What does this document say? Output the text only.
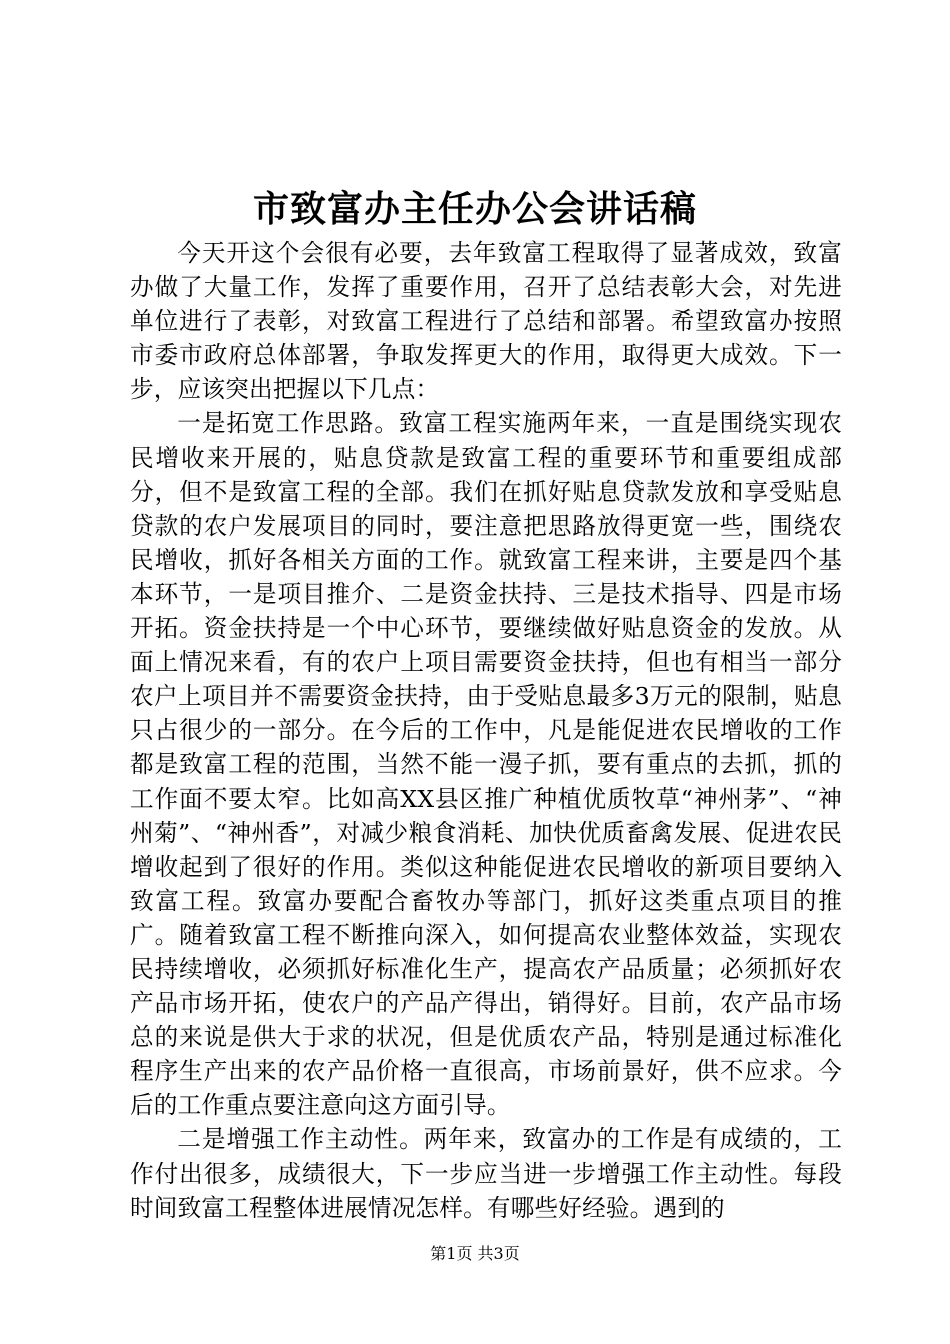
市致富办主任办公会讲话稿

今天开这个会很有必要，去年致富工程取得了显著成效，致富办做了大量工作，发挥了重要作用，召开了总结表彰大会，对先进单位进行了表彰，对致富工程进行了总结和部署。希望致富办按照市委市政府总体部署，争取发挥更大的作用，取得更大成效。下一步，应该突出把握以下几点：

一是拓宽工作思路。致富工程实施两年来，一直是围绕实现农民增收来开展的，贴息贷款是致富工程的重要环节和重要组成部分，但不是致富工程的全部。我们在抓好贴息贷款发放和享受贴息贷款的农户发展项目的同时，要注意把思路放得更宽一些，围绕农民增收，抓好各相关方面的工作。就致富工程来讲，主要是四个基本环节，一是项目推介、二是资金扶持、三是技术指导、四是市场开拓。资金扶持是一个中心环节，要继续做好贴息资金的发放。从面上情况来看，有的农户上项目需要资金扶持，但也有相当一部分农户上项目并不需要资金扶持，由于受贴息最多3万元的限制，贴息只占很少的一部分。在今后的工作中，凡是能促进农民增收的工作都是致富工程的范围，当然不能一漫子抓，要有重点的去抓，抓的工作面不要太窄。比如高XX县区推广种植优质牧草“神州茅”、“神州菊”、“神州香”，对减少粮食消耗、加快优质畜禽发展、促进农民增收起到了很好的作用。类似这种能促进农民增收的新项目要纳入致富工程。致富办要配合畜牧办等部门，抓好这类重点项目的推广。随着致富工程不断推向深入，如何提高农业整体效益，实现农民持续增收，必须抓好标准化生产，提高农产品质量；必须抓好农产品市场开拓，使农户的产品产得出，销得好。目前，农产品市场总的来说是供大于求的状况，但是优质农产品，特别是通过标准化程序生产出来的农产品价格一直很高，市场前景好，供不应求。今后的工作重点要注意向这方面引导。

二是增强工作主动性。两年来，致富办的工作是有成绩的，工作付出很多，成绩很大，下一步应当进一步增强工作主动性。每段时间致富工程整体进展情况怎样。有哪些好经验。遇到的

第1页 共3页
